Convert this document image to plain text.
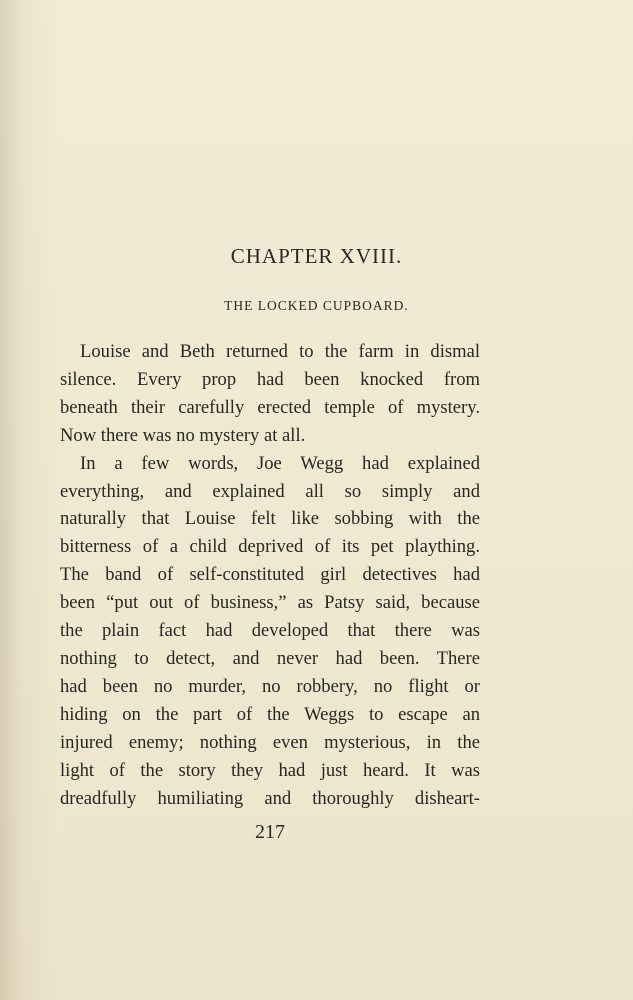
CHAPTER XVIII.
THE LOCKED CUPBOARD.
Louise and Beth returned to the farm in dismal
silence. Every prop had been knocked from
beneath their carefully erected temple of mystery.
Now there was no mystery at all.
In a few words, Joe Wegg had explained
everything, and explained all so simply and
naturally that Louise felt like sobbing with the
bitterness of a child deprived of its pet plaything.
The band of self-constituted girl detectives had
been “put out of business,” as Patsy said, because
the plain fact had developed that there was
nothing to detect, and never had been. There
had been no murder, no robbery, no flight or
hiding on the part of the Weggs to escape an
injured enemy; nothing even mysterious, in the
light of the story they had just heard. It was
dreadfully humiliating and thoroughly disheart-
217
